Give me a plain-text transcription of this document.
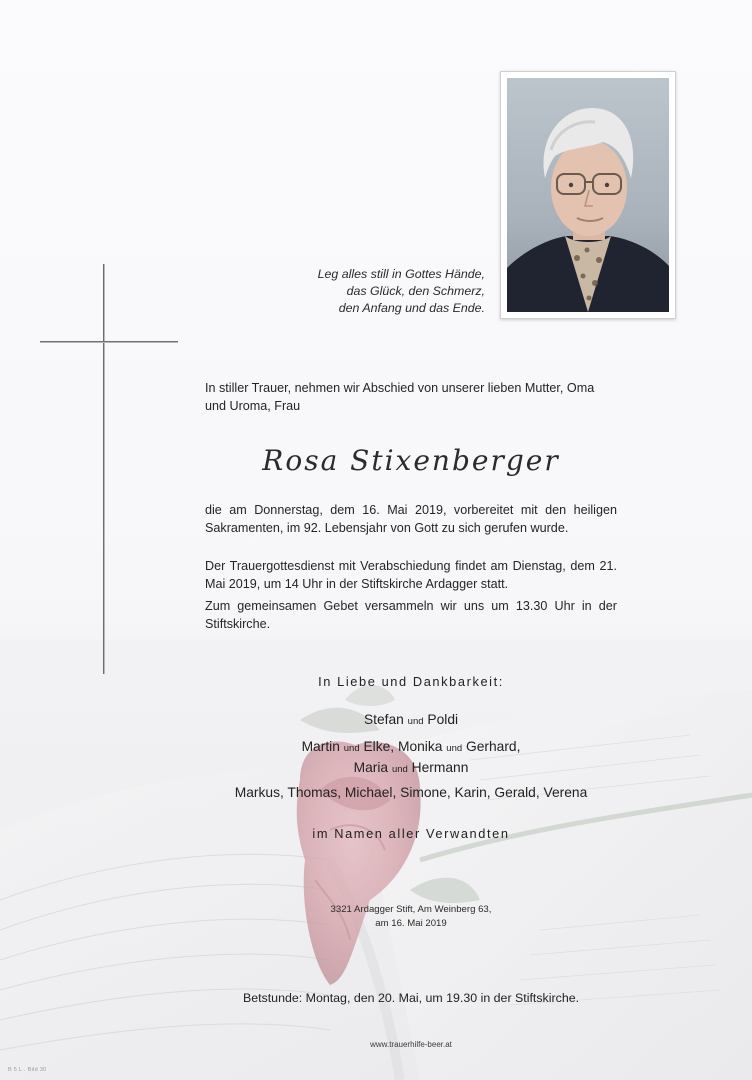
Leg alles still in Gottes Hände,
das Glück, den Schmerz,
den Anfang und das Ende.
In stiller Trauer, nehmen wir Abschied von unserer lieben Mutter, Oma und Uroma, Frau
Rosa Stixenberger
die am Donnerstag, dem 16. Mai 2019, vorbereitet mit den heiligen Sakramenten, im 92. Lebensjahr von Gott zu sich gerufen wurde.
Der Trauergottesdienst mit Verabschiedung findet am Dienstag, dem 21. Mai 2019, um 14 Uhr in der Stiftskirche Ardagger statt.
Zum gemeinsamen Gebet versammeln wir uns um 13.30 Uhr in der Stiftskirche.
In Liebe und Dankbarkeit:
Stefan und Poldi
Martin und Elke, Monika und Gerhard,
Maria und Hermann
Markus, Thomas, Michael, Simone, Karin, Gerald, Verena
im Namen aller Verwandten
3321 Ardagger Stift, Am Weinberg 63,
am 16. Mai 2019
Betstunde: Montag, den 20. Mai, um 19.30 in der Stiftskirche.
www.trauerhilfe-beer.at
B 5 L . Bild 30
